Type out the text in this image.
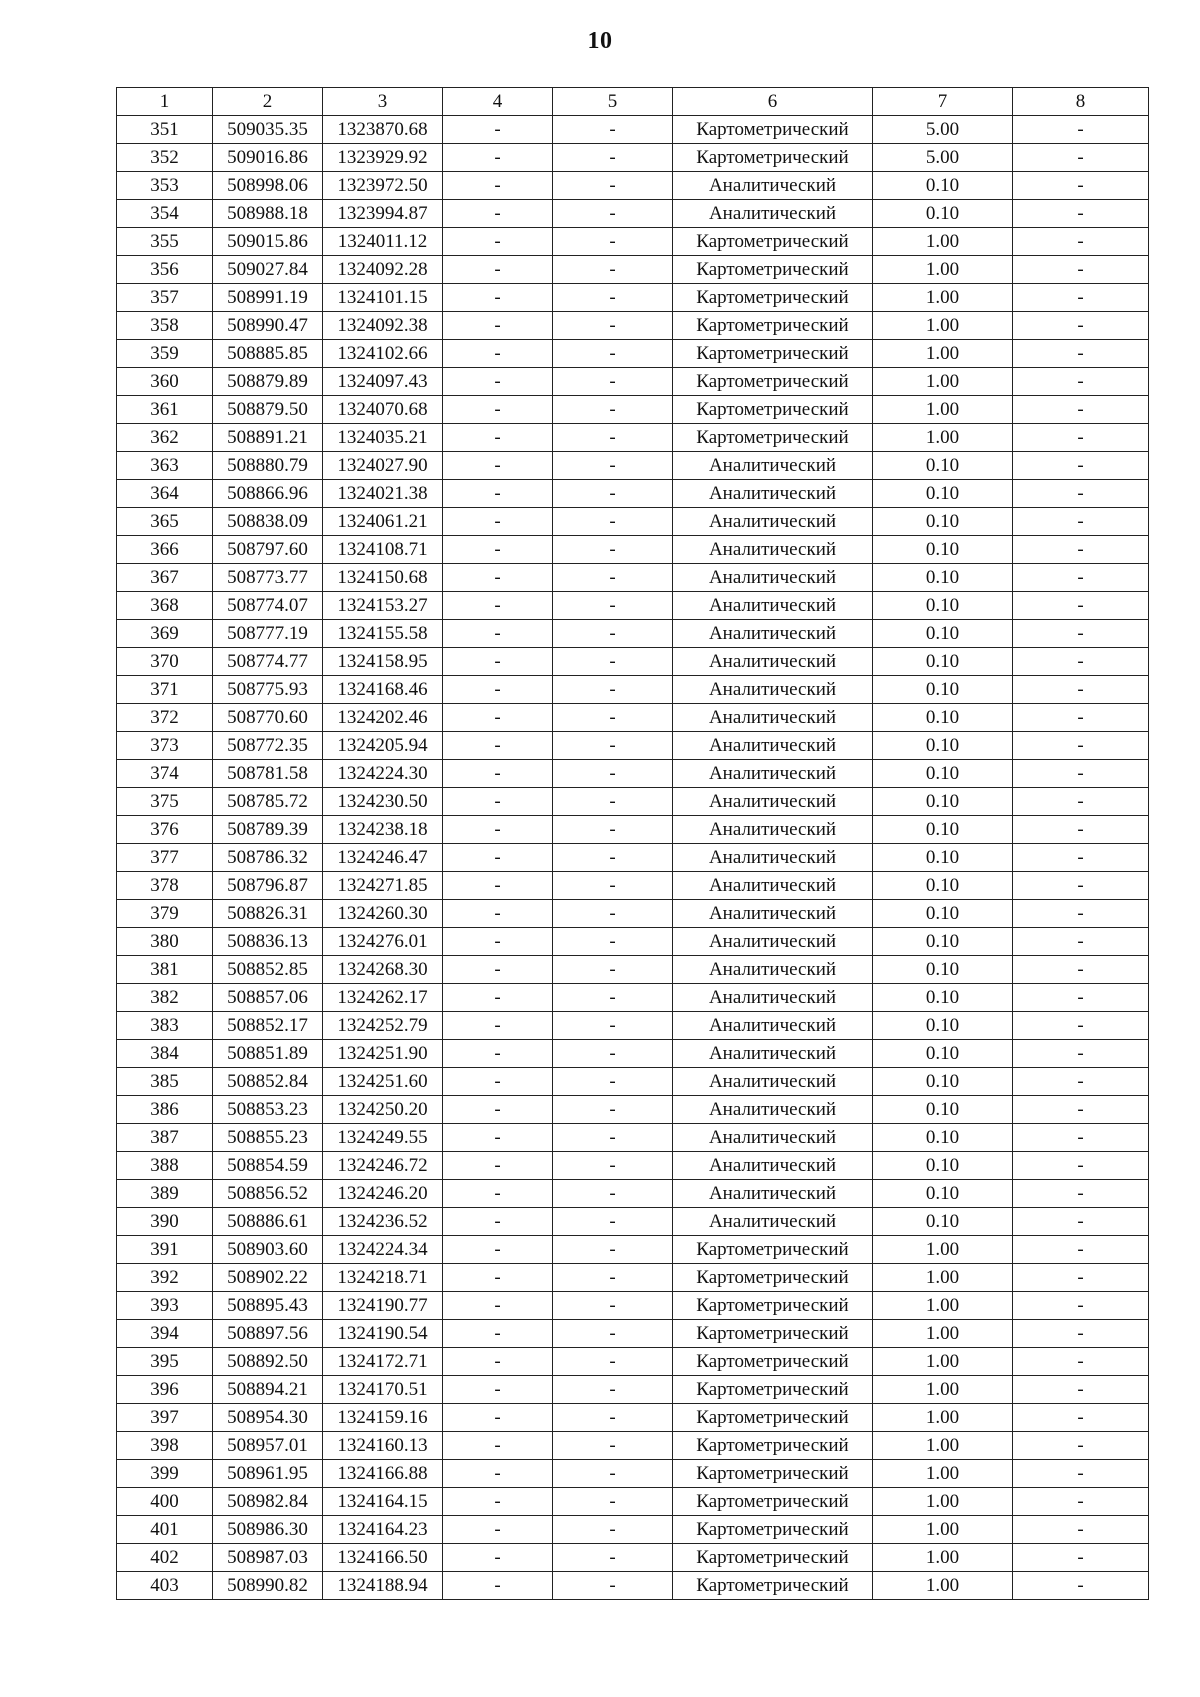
10
1	2	3	4	5	6	7	8
351	509035.35	1323870.68	-	-	Картометрический	5.00	-
352	509016.86	1323929.92	-	-	Картометрический	5.00	-
353	508998.06	1323972.50	-	-	Аналитический	0.10	-
354	508988.18	1323994.87	-	-	Аналитический	0.10	-
355	509015.86	1324011.12	-	-	Картометрический	1.00	-
356	509027.84	1324092.28	-	-	Картометрический	1.00	-
357	508991.19	1324101.15	-	-	Картометрический	1.00	-
358	508990.47	1324092.38	-	-	Картометрический	1.00	-
359	508885.85	1324102.66	-	-	Картометрический	1.00	-
360	508879.89	1324097.43	-	-	Картометрический	1.00	-
361	508879.50	1324070.68	-	-	Картометрический	1.00	-
362	508891.21	1324035.21	-	-	Картометрический	1.00	-
363	508880.79	1324027.90	-	-	Аналитический	0.10	-
364	508866.96	1324021.38	-	-	Аналитический	0.10	-
365	508838.09	1324061.21	-	-	Аналитический	0.10	-
366	508797.60	1324108.71	-	-	Аналитический	0.10	-
367	508773.77	1324150.68	-	-	Аналитический	0.10	-
368	508774.07	1324153.27	-	-	Аналитический	0.10	-
369	508777.19	1324155.58	-	-	Аналитический	0.10	-
370	508774.77	1324158.95	-	-	Аналитический	0.10	-
371	508775.93	1324168.46	-	-	Аналитический	0.10	-
372	508770.60	1324202.46	-	-	Аналитический	0.10	-
373	508772.35	1324205.94	-	-	Аналитический	0.10	-
374	508781.58	1324224.30	-	-	Аналитический	0.10	-
375	508785.72	1324230.50	-	-	Аналитический	0.10	-
376	508789.39	1324238.18	-	-	Аналитический	0.10	-
377	508786.32	1324246.47	-	-	Аналитический	0.10	-
378	508796.87	1324271.85	-	-	Аналитический	0.10	-
379	508826.31	1324260.30	-	-	Аналитический	0.10	-
380	508836.13	1324276.01	-	-	Аналитический	0.10	-
381	508852.85	1324268.30	-	-	Аналитический	0.10	-
382	508857.06	1324262.17	-	-	Аналитический	0.10	-
383	508852.17	1324252.79	-	-	Аналитический	0.10	-
384	508851.89	1324251.90	-	-	Аналитический	0.10	-
385	508852.84	1324251.60	-	-	Аналитический	0.10	-
386	508853.23	1324250.20	-	-	Аналитический	0.10	-
387	508855.23	1324249.55	-	-	Аналитический	0.10	-
388	508854.59	1324246.72	-	-	Аналитический	0.10	-
389	508856.52	1324246.20	-	-	Аналитический	0.10	-
390	508886.61	1324236.52	-	-	Аналитический	0.10	-
391	508903.60	1324224.34	-	-	Картометрический	1.00	-
392	508902.22	1324218.71	-	-	Картометрический	1.00	-
393	508895.43	1324190.77	-	-	Картометрический	1.00	-
394	508897.56	1324190.54	-	-	Картометрический	1.00	-
395	508892.50	1324172.71	-	-	Картометрический	1.00	-
396	508894.21	1324170.51	-	-	Картометрический	1.00	-
397	508954.30	1324159.16	-	-	Картометрический	1.00	-
398	508957.01	1324160.13	-	-	Картометрический	1.00	-
399	508961.95	1324166.88	-	-	Картометрический	1.00	-
400	508982.84	1324164.15	-	-	Картометрический	1.00	-
401	508986.30	1324164.23	-	-	Картометрический	1.00	-
402	508987.03	1324166.50	-	-	Картометрический	1.00	-
403	508990.82	1324188.94	-	-	Картометрический	1.00	-
